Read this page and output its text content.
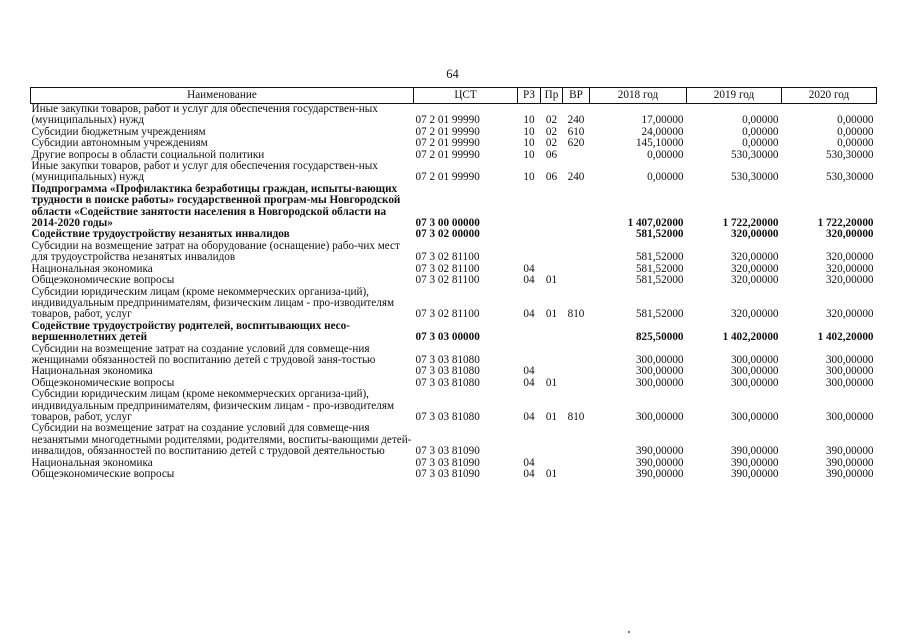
64
Наименование	ЦСТ	РЗ	Пр	ВР	2018 год	2019 год	2020 год
Иные закупки товаров, работ и услуг для обеспечения государствен-ных (муниципальных) нужд	07 2 01 99990	10	02	240	17,00000	0,00000	0,00000
Субсидии бюджетным учреждениям	07 2 01 99990	10	02	610	24,00000	0,00000	0,00000
Субсидии автономным учреждениям	07 2 01 99990	10	02	620	145,10000	0,00000	0,00000
Другие вопросы в области социальной политики	07 2 01 99990	10	06		0,00000	530,30000	530,30000
Иные закупки товаров, работ и услуг для обеспечения государствен-ных (муниципальных) нужд	07 2 01 99990	10	06	240	0,00000	530,30000	530,30000
Подпрограмма «Профилактика безработицы граждан, испыты-вающих трудности в поиске работы» государственной програм-мы Новгородской области «Содействие занятости населения в Новгородской области на 2014-2020 годы»	07 3 00 00000				1 407,02000	1 722,20000	1 722,20000
Содействие трудоустройству незанятых инвалидов	07 3 02 00000				581,52000	320,00000	320,00000
Субсидии на возмещение затрат на оборудование (оснащение) рабо-чих мест для трудоустройства незанятых инвалидов	07 3 02 81100				581,52000	320,00000	320,00000
Национальная экономика	07 3 02 81100	04			581,52000	320,00000	320,00000
Общеэкономические вопросы	07 3 02 81100	04	01		581,52000	320,00000	320,00000
Субсидии юридическим лицам (кроме некоммерческих организа-ций), индивидуальным предпринимателям, физическим лицам - про-изводителям товаров, работ, услуг	07 3 02 81100	04	01	810	581,52000	320,00000	320,00000
Содействие трудоустройству родителей, воспитывающих несо-вершеннолетних детей	07 3 03 00000				825,50000	1 402,20000	1 402,20000
Субсидии на возмещение затрат на создание условий для совмеще-ния женщинами обязанностей по воспитанию детей с трудовой заня-тостью	07 3 03 81080				300,00000	300,00000	300,00000
Национальная экономика	07 3 03 81080	04			300,00000	300,00000	300,00000
Общеэкономические вопросы	07 3 03 81080	04	01		300,00000	300,00000	300,00000
Субсидии юридическим лицам (кроме некоммерческих организа-ций), индивидуальным предпринимателям, физическим лицам - про-изводителям товаров, работ, услуг	07 3 03 81080	04	01	810	300,00000	300,00000	300,00000
Субсидии на возмещение затрат на создание условий для совмеще-ния незанятыми многодетными родителями, родителями, воспиты-вающими детей-инвалидов, обязанностей по воспитанию детей с трудовой деятельностью	07 3 03 81090				390,00000	390,00000	390,00000
Национальная экономика	07 3 03 81090	04			390,00000	390,00000	390,00000
Общеэкономические вопросы	07 3 03 81090	04	01		390,00000	390,00000	390,00000
